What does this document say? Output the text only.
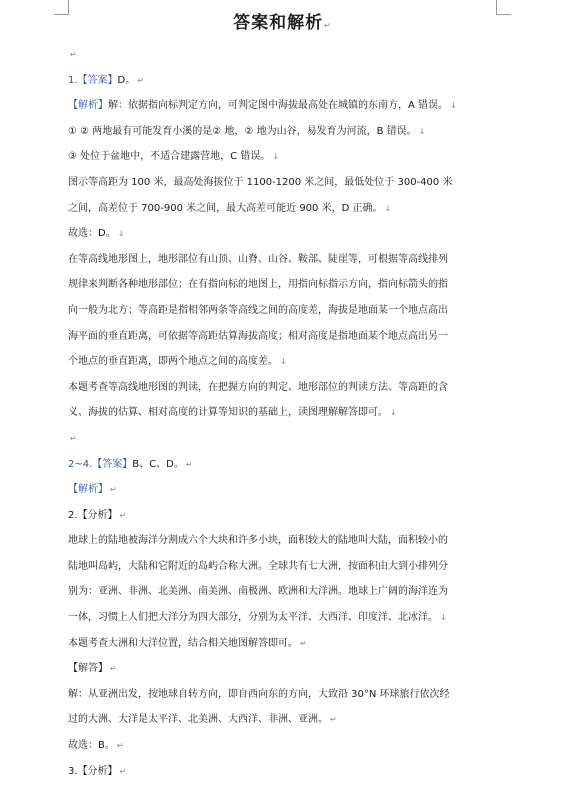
答案和解析↵
↵
1.【答案】D。 ↵
【解析】解：依据指向标判定方向，可判定图中海拔最高处在城镇的东南方，A 错误。 ↓
① ② 两地最有可能发育小溪的是② 地，② 地为山谷，易发育为河流，B 错误。 ↓
③ 处位于盆地中，不适合建露营地，C 错误。 ↓
图示等高距为 100 米，最高处海拔位于 1100-1200 米之间，最低处位于 300-400 米
之间，高差位于 700-900 米之间，最大高差可能近 900 米，D 正确。 ↓
故选：D。 ↓
在等高线地形图上，地形部位有山顶、山脊、山谷、鞍部、陡崖等，可根据等高线排列
规律来判断各种地形部位；在有指向标的地图上，用指向标指示方向，指向标箭头的指
向一般为北方；等高距是指相邻两条等高线之间的高度差，海拔是地面某一个地点高出
海平面的垂直距离，可依据等高距估算海拔高度；相对高度是指地面某个地点高出另一
个地点的垂直距离，即两个地点之间的高度差。 ↓
本题考查等高线地形图的判读，在把握方向的判定、地形部位的判读方法、等高距的含
义、海拔的估算、相对高度的计算等知识的基础上，读图理解解答即可。 ↓
↵
2~4.【答案】B、C、D。 ↵
【解析】 ↵
2.【分析】 ↵
地球上的陆地被海洋分割成六个大块和许多小块，面积较大的陆地叫大陆，面积较小的
陆地叫岛屿，大陆和它附近的岛屿合称大洲。全球共有七大洲，按面积由大到小排列分
别为：亚洲、非洲、北美洲、南美洲、南极洲、欧洲和大洋洲。地球上广阔的海洋连为
一体，习惯上人们把大洋分为四大部分，分别为太平洋、大西洋、印度洋、北冰洋。 ↓
本题考查大洲和大洋位置，结合相关地图解答即可。 ↵
【解答】 ↵
解：从亚洲出发，按地球自转方向，即自西向东的方向，大致沿 30°N 环球旅行依次经
过的大洲、大洋是太平洋、北美洲、大西洋、非洲、亚洲。 ↵
故选：B。 ↵
3.【分析】 ↵
